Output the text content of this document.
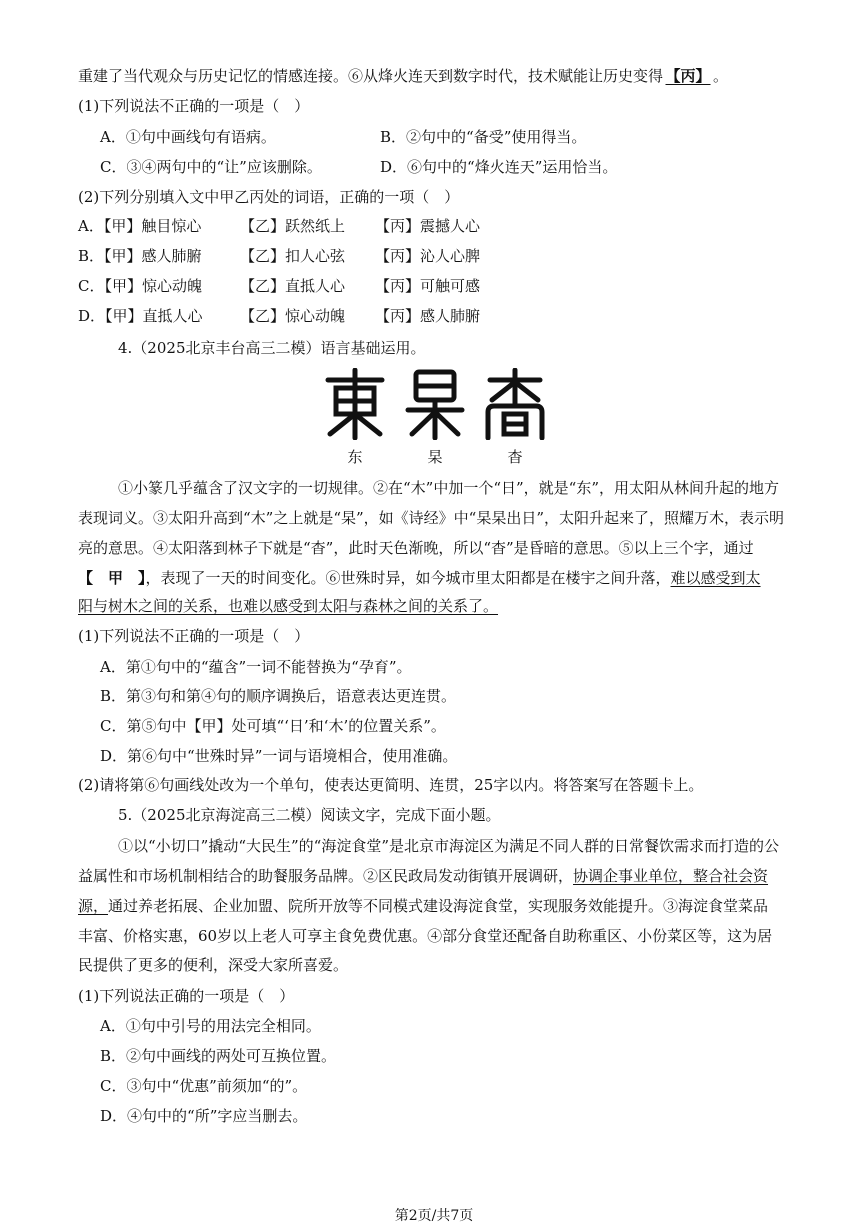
重建了当代观众与历史记忆的情感连接。⑥从烽火连天到数字时代，技术赋能让历史变得 【丙】 。
(1)下列说法不正确的一项是（　）
A．①句中画线句有语病。	B．②句中的“备受”使用得当。
C．③④两句中的“让”应该删除。	D．⑥句中的“烽火连天”运用恰当。
(2)下列分别填入文中甲乙丙处的词语，正确的一项（　）
A．【甲】触目惊心	【乙】跃然纸上 【丙】震撼人心
B．【甲】感人肺腑	【乙】扣人心弦 【丙】沁人心脾
C．【甲】惊心动魄	【乙】直抵人心 【丙】可触可感
D．【甲】直抵人心 【乙】惊心动魄 【丙】感人肺腑
4.（2025北京丰台高三二模）语言基础运用。
东	杲	杳
①小篆几乎蕴含了汉文字的一切规律。②在“木”中加一个“日”，就是“东”，用太阳从林间升起的地方
表现词义。③太阳升高到“木”之上就是“杲”，如《诗经》中“杲杲出日”，太阳升起来了，照耀万木，表示明
亮的意思。④太阳落到林子下就是“杳”，此时天色渐晚，所以“杳”是昏暗的意思。⑤以上三个字，通过
【　甲　】，表现了一天的时间变化。⑥世殊时异，如今城市里太阳都是在楼宇之间升落，难以感受到太
阳与树木之间的关系，也难以感受到太阳与森林之间的关系了。
(1)下列说法不正确的一项是（　）
A．第①句中的“蕴含”一词不能替换为“孕育”。
B．第③句和第④句的顺序调换后，语意表达更连贯。
C．第⑤句中【甲】处可填“‘日’和‘木’的位置关系”。
D．第⑥句中“世殊时异”一词与语境相合，使用准确。
(2)请将第⑥句画线处改为一个单句，使表达更简明、连贯，25字以内。将答案写在答题卡上。
5.（2025北京海淀高三二模）阅读文字，完成下面小题。
①以“小切口”撬动“大民生”的“海淀食堂”是北京市海淀区为满足不同人群的日常餐饮需求而打造的公
益属性和市场机制相结合的助餐服务品牌。②区民政局发动街镇开展调研，协调企事业单位，整合社会资
源，通过养老拓展、企业加盟、院所开放等不同模式建设海淀食堂，实现服务效能提升。③海淀食堂菜品
丰富、价格实惠，60岁以上老人可享主食免费优惠。④部分食堂还配备自助称重区、小份菜区等，这为居
民提供了更多的便利，深受大家所喜爱。
(1)下列说法正确的一项是（　）
A．①句中引号的用法完全相同。
B．②句中画线的两处可互换位置。
C．③句中“优惠”前须加“的”。
D．④句中的“所”字应当删去。
第2页/共7页
